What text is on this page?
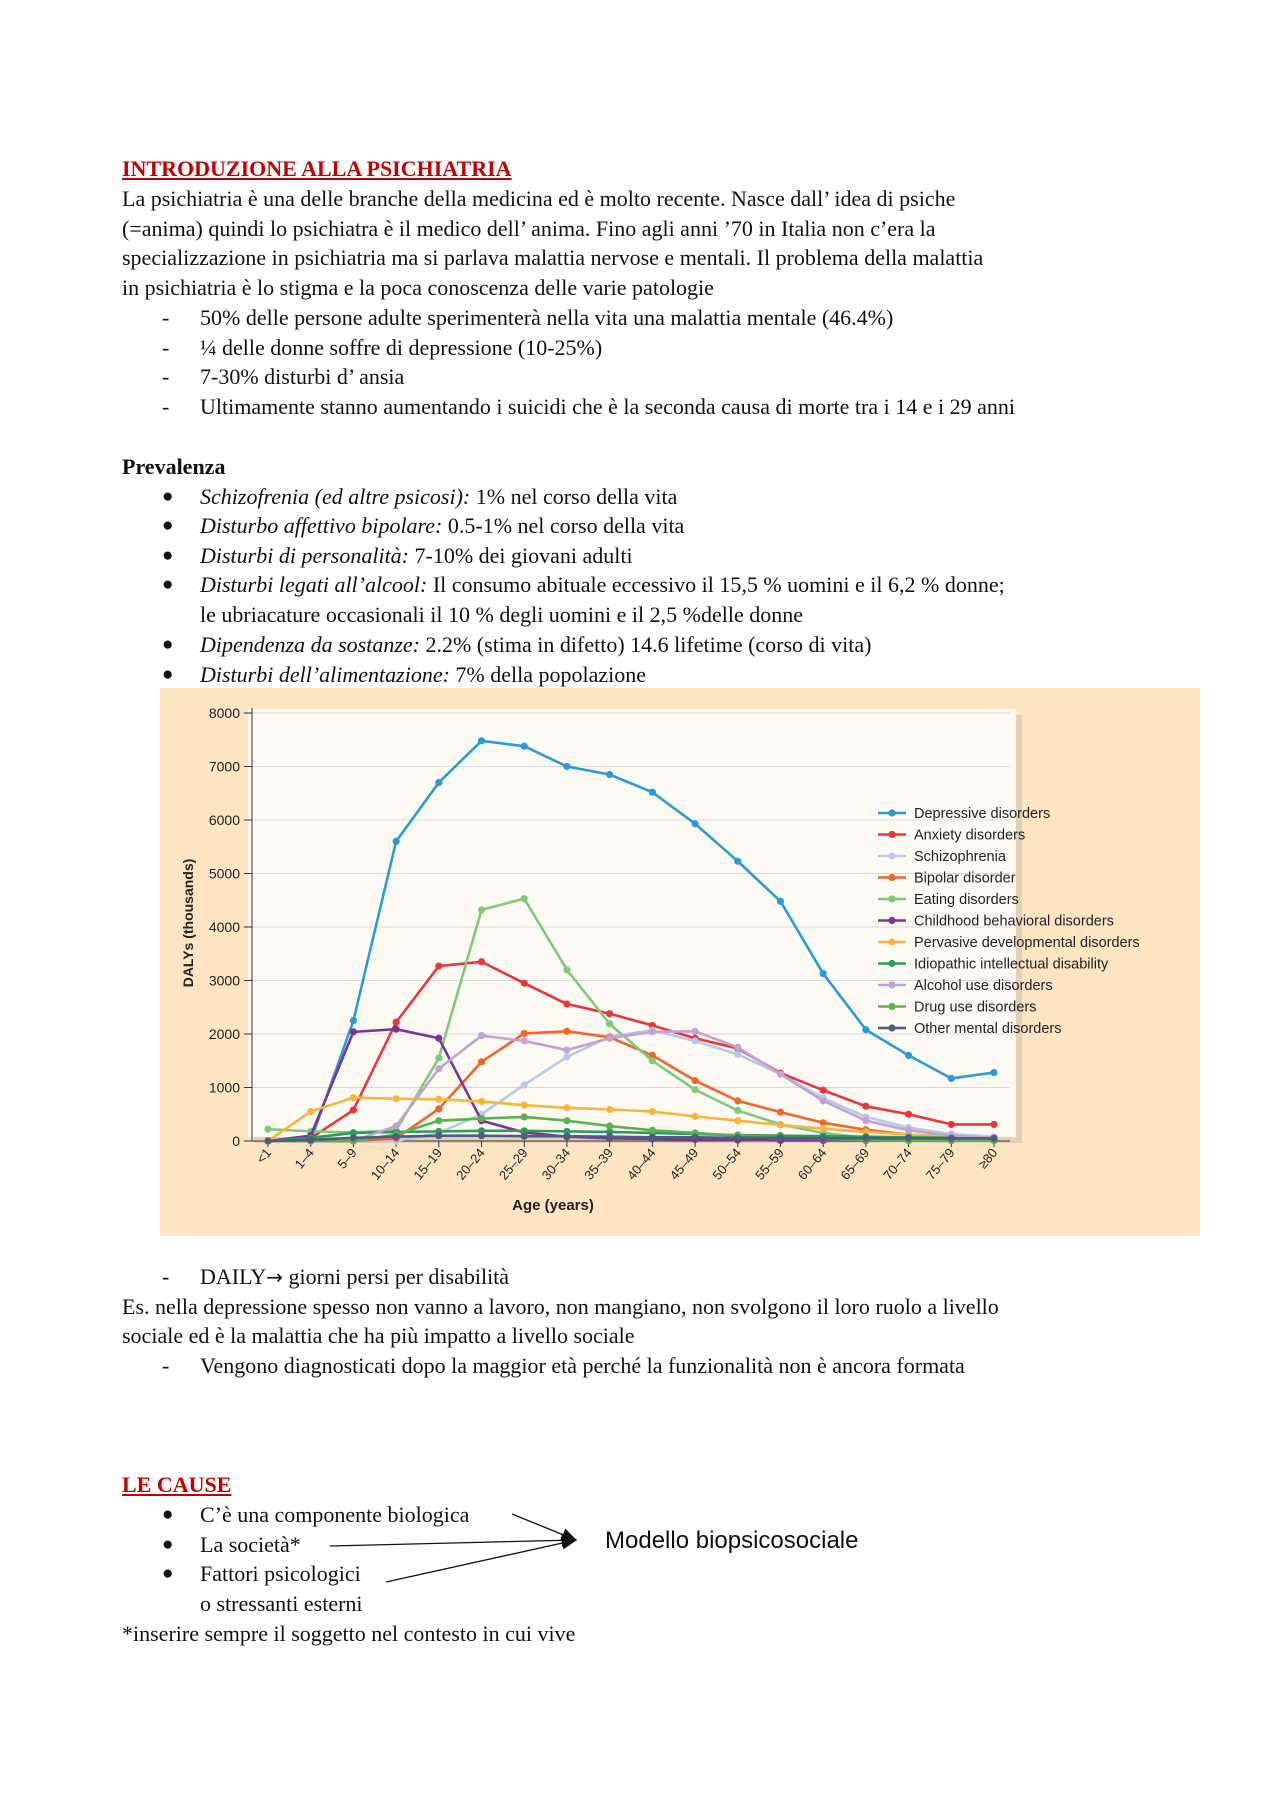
INTRODUZIONE ALLA PSICHIATRIA
La psichiatria è una delle branche della medicina ed è molto recente. Nasce dall’ idea di psiche
(=anima) quindi lo psichiatra è il medico dell’ anima. Fino agli anni ’70 in Italia non c’era la
specializzazione in psichiatria ma si parlava malattia nervose e mentali. Il problema della malattia
in psichiatria è lo stigma e la poca conoscenza delle varie patologie
- 50% delle persone adulte sperimenterà nella vita una malattia mentale (46.4%)
- ¼ delle donne soffre di depressione (10-25%)
- 7-30% disturbi d’ ansia
- Ultimamente stanno aumentando i suicidi che è la seconda causa di morte tra i 14 e i 29 anni
Prevalenza
● Schizofrenia (ed altre psicosi): 1% nel corso della vita
● Disturbo affettivo bipolare: 0.5-1% nel corso della vita
● Disturbi di personalità: 7-10% dei giovani adulti
● Disturbi legati all’alcool: Il consumo abituale eccessivo il 15,5 % uomini e il 6,2 % donne;
le ubriacature occasionali il 10 % degli uomini e il 2,5 %delle donne
● Dipendenza da sostanze: 2.2% (stima in difetto) 14.6 lifetime (corso di vita)
● Disturbi dell’alimentazione: 7% della popolazione
0
1000
2000
3000
4000
5000
6000
7000
8000
<1 1–4 5–9 10–14 15–19 20–24 25–29 30–34 35–39 40–44 45–49 50–54 55–59 60–64 65–69 70–74 75–79 ≥80
Depressive disorders
Anxiety disorders
Schizophrenia
Bipolar disorder
Eating disorders
Childhood behavioral disorders
Pervasive developmental disorders
Idiopathic intellectual disability
Alcohol use disorders
Drug use disorders
Other mental disorders
DALYs (thousands)
Age (years)
- DAILY→ giorni persi per disabilità
Es. nella depressione spesso non vanno a lavoro, non mangiano, non svolgono il loro ruolo a livello
sociale ed è la malattia che ha più impatto a livello sociale
- Vengono diagnosticati dopo la maggior età perché la funzionalità non è ancora formata
LE CAUSE
● C’è una componente biologica
● La società*
● Fattori psicologici
o stressanti esterni
Modello biopsicosociale
*inserire sempre il soggetto nel contesto in cui vive
